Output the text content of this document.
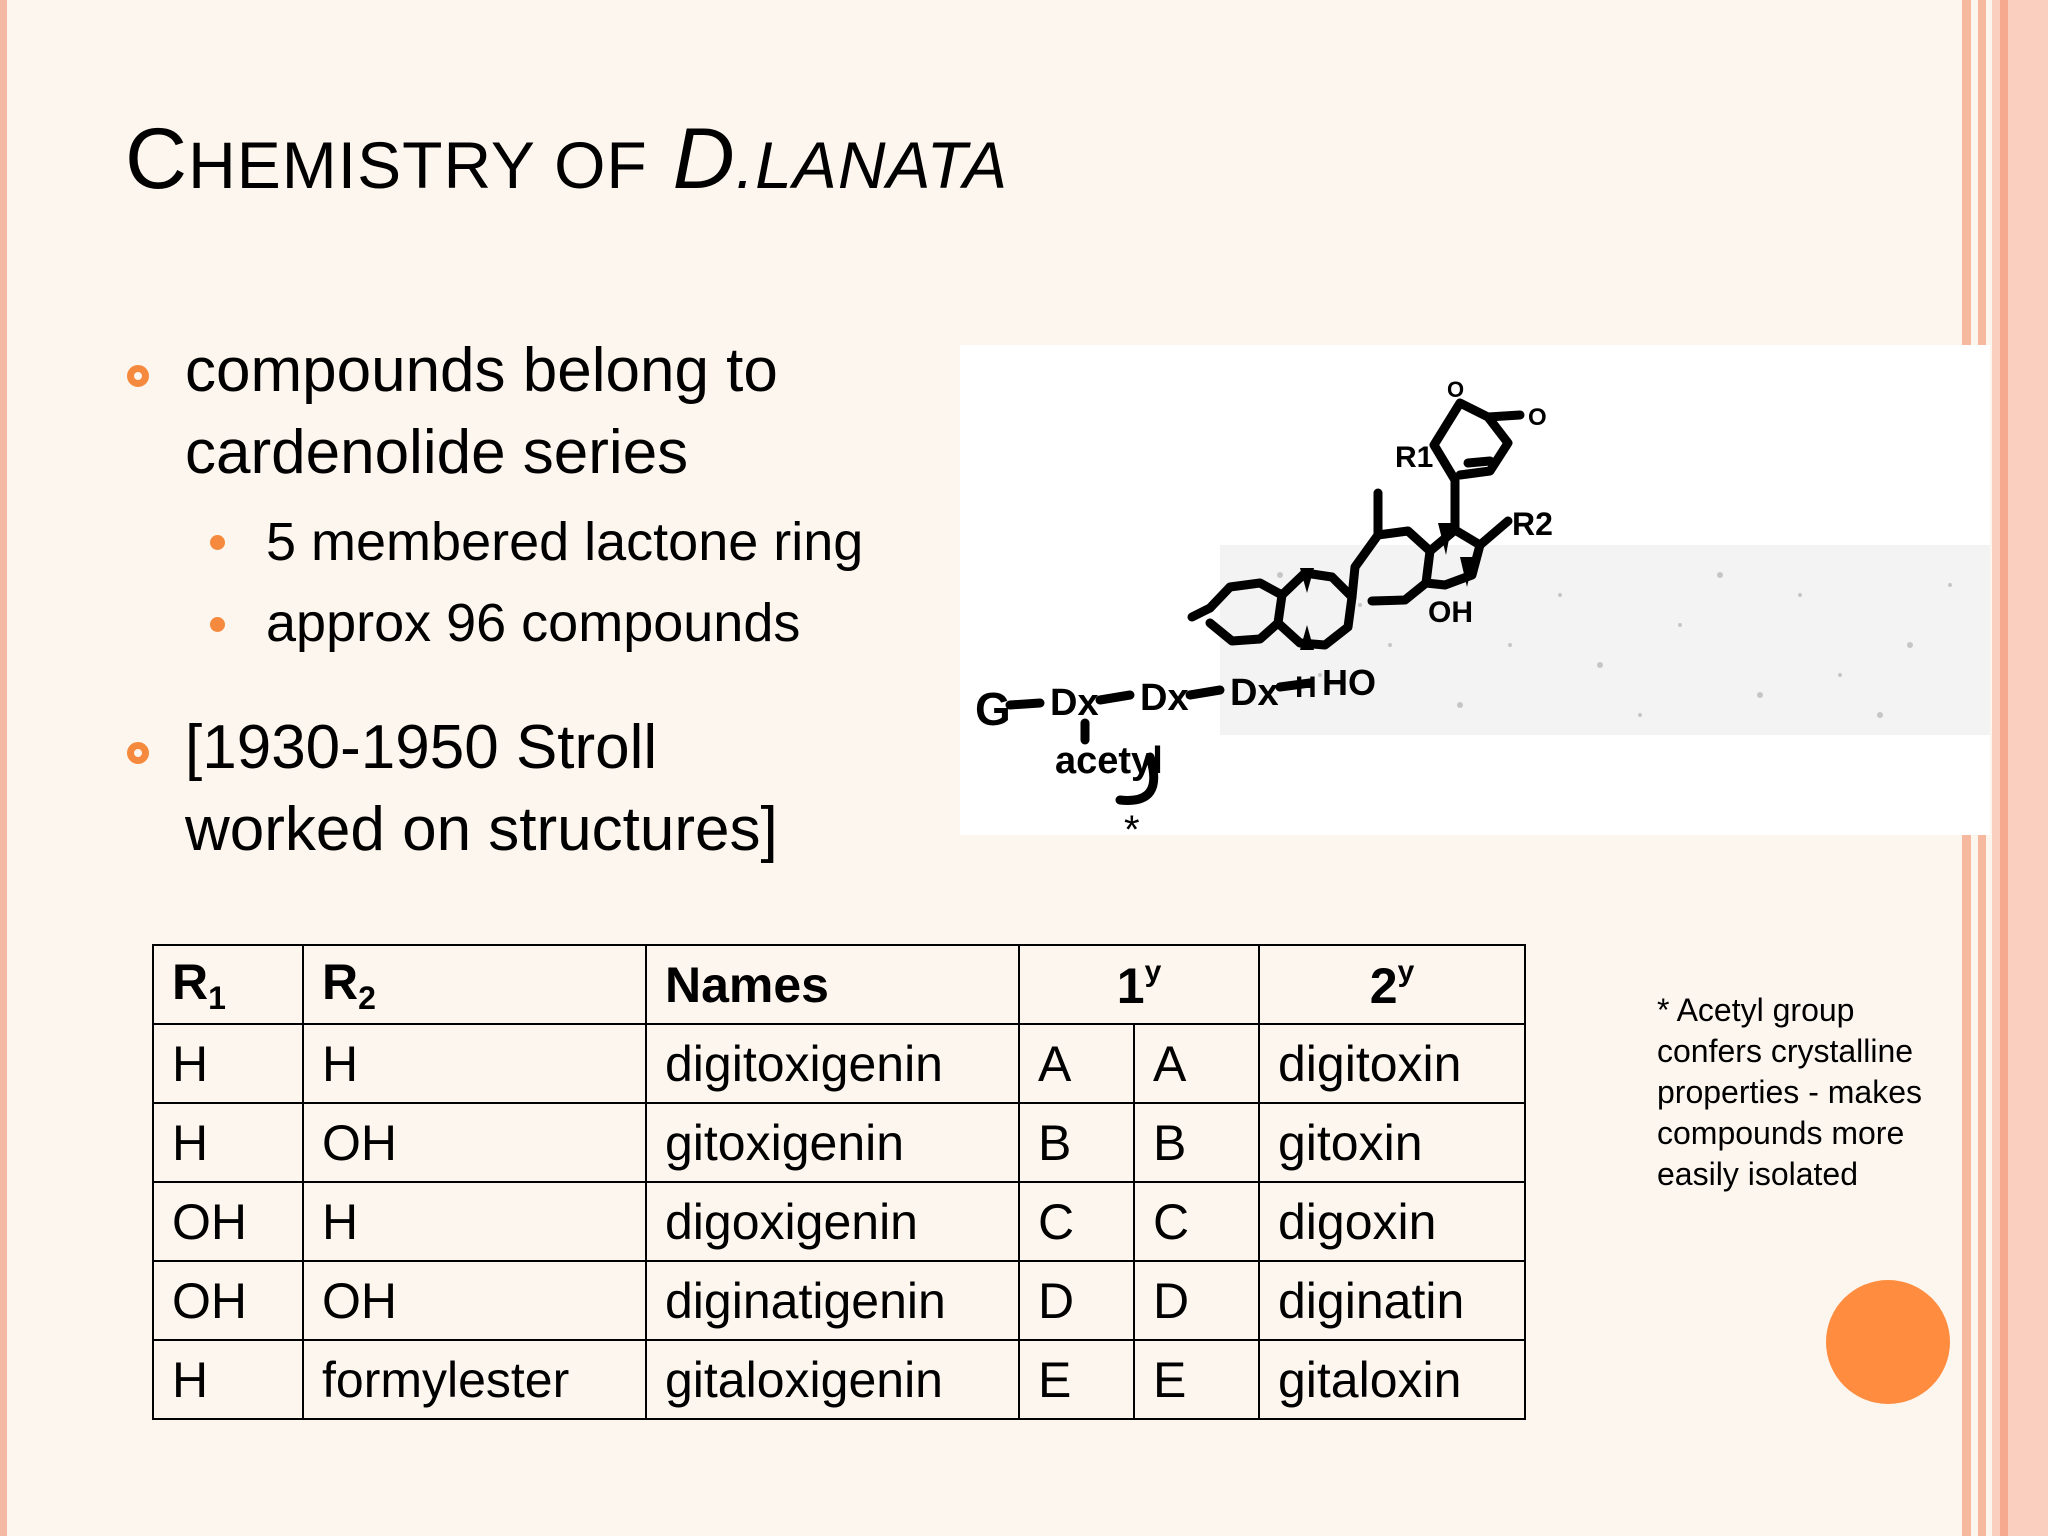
CHEMISTRY OF D.LANATA
compounds belong to
cardenolide series
5 membered lactone ring
approx 96 compounds
[1930-1950 Stroll
worked on structures]
G Dx Dx Dx HO
acetyl
R1
R2
OH
H
O
O
*
$R_1$	$R_2$	Names	1$^y$		2$^y$
H	H	digitoxigenin	A	A	digitoxin
H	OH	gitoxigenin	B	B	gitoxin
OH	H	digoxigenin	C	C	digoxin
OH	OH	diginatigenin	D	D	diginatin
H	formylester	gitaloxigenin	E	E	gitaloxin
* Acetyl group
confers crystalline
properties - makes
compounds more
easily isolated
